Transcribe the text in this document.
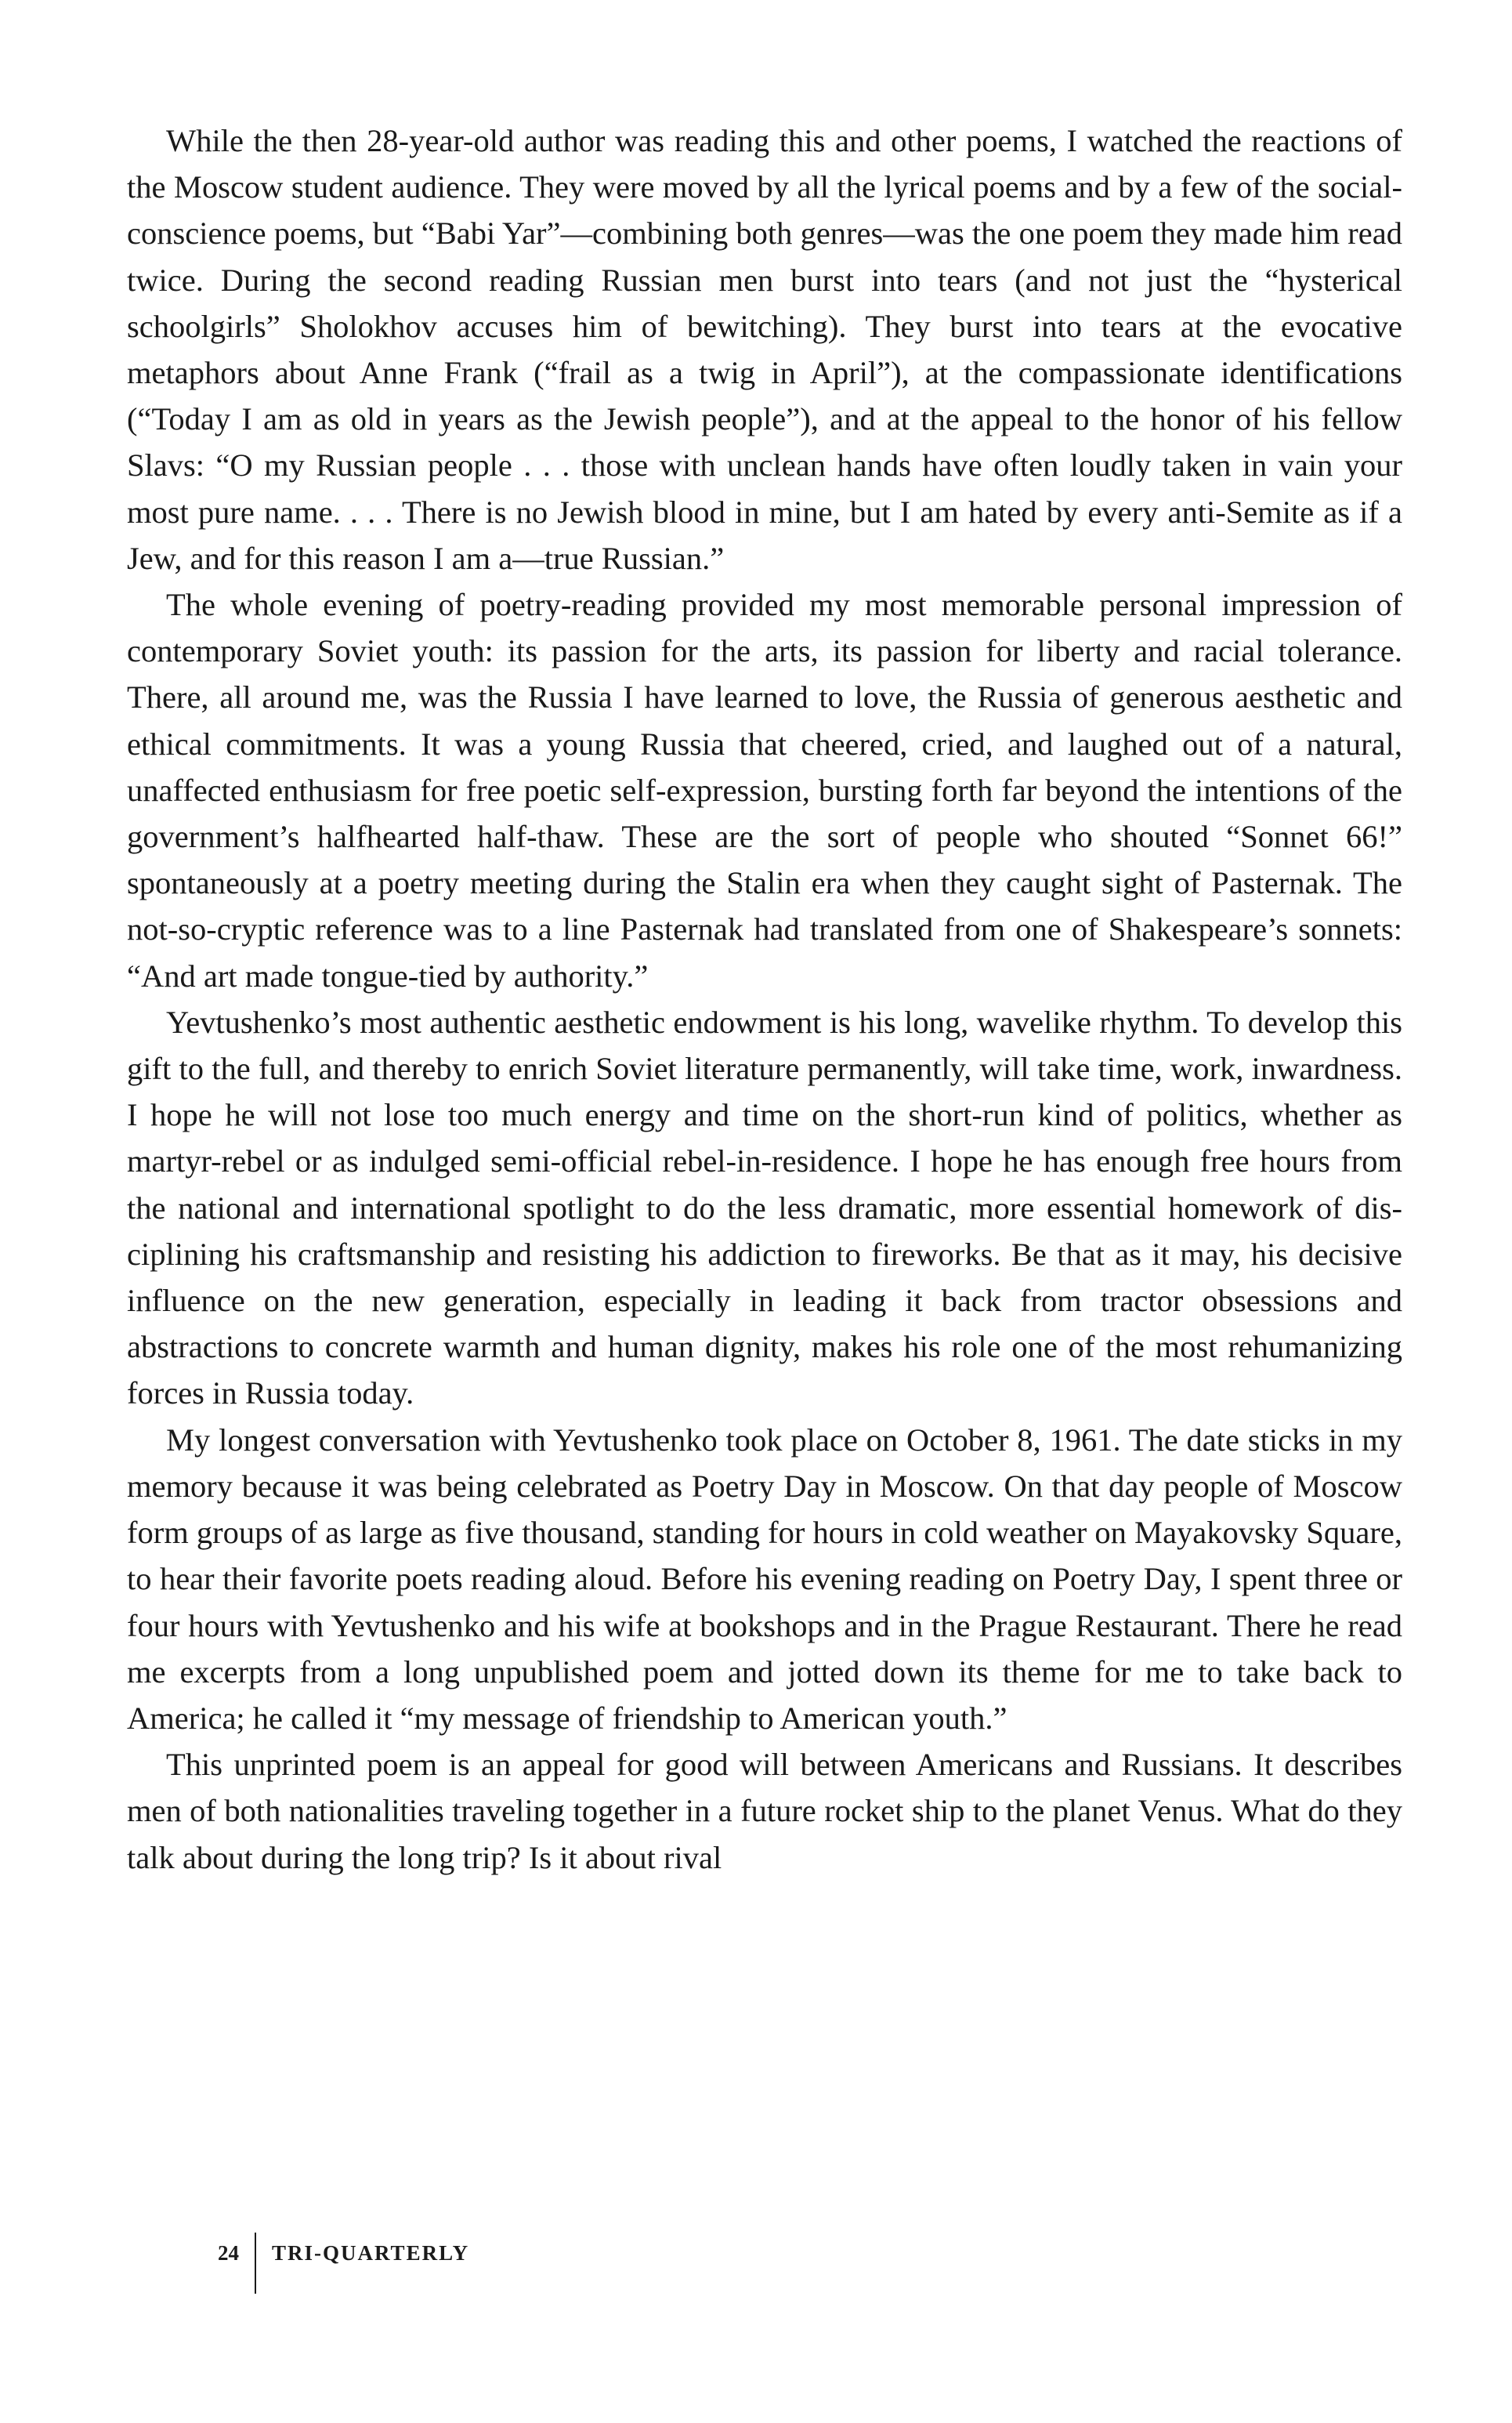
While the then 28-year-old author was reading this and other poems, I watched the reactions of the Moscow student audience. They were moved by all the lyrical poems and by a few of the social-conscience poems, but “Babi Yar”—combining both genres—was the one poem they made him read twice. During the second reading Russian men burst into tears (and not just the “hysterical schoolgirls” Sholokhov accuses him of bewitching). They burst into tears at the evocative metaphors about Anne Frank (“frail as a twig in April”), at the compassionate identifications (“Today I am as old in years as the Jewish people”), and at the appeal to the honor of his fellow Slavs: “O my Russian people . . . those with unclean hands have often loudly taken in vain your most pure name. . . . There is no Jewish blood in mine, but I am hated by every anti-Semite as if a Jew, and for this reason I am a—true Russian.”

The whole evening of poetry-reading provided my most memorable personal impression of contemporary Soviet youth: its passion for the arts, its passion for liberty and racial tolerance. There, all around me, was the Russia I have learned to love, the Russia of generous aesthetic and ethical commitments. It was a young Russia that cheered, cried, and laughed out of a natural, unaffected enthusiasm for free poetic self-expression, bursting forth far beyond the intentions of the government’s halfhearted half-thaw. These are the sort of people who shouted “Sonnet 66!” spontaneously at a poetry meeting during the Stalin era when they caught sight of Pasternak. The not-so-cryptic reference was to a line Pasternak had translated from one of Shakespeare’s sonnets: “And art made tongue-tied by authority.”

Yevtushenko’s most authentic aesthetic endowment is his long, wavelike rhythm. To develop this gift to the full, and thereby to enrich Soviet literature permanently, will take time, work, inwardness. I hope he will not lose too much energy and time on the short-run kind of politics, whether as martyr-rebel or as indulged semi-official rebel-in-residence. I hope he has enough free hours from the national and international spotlight to do the less dramatic, more essential homework of dis-ciplining his craftsmanship and resisting his addiction to fireworks. Be that as it may, his decisive influence on the new generation, especially in leading it back from tractor obsessions and abstractions to concrete warmth and human dignity, makes his role one of the most rehumanizing forces in Russia today.

My longest conversation with Yevtushenko took place on October 8, 1961. The date sticks in my memory because it was being celebrated as Poetry Day in Moscow. On that day people of Moscow form groups of as large as five thousand, standing for hours in cold weather on Mayakovsky Square, to hear their favorite poets reading aloud. Before his evening reading on Poetry Day, I spent three or four hours with Yevtushenko and his wife at bookshops and in the Prague Restaurant. There he read me excerpts from a long unpublished poem and jotted down its theme for me to take back to America; he called it “my message of friendship to American youth.”

This unprinted poem is an appeal for good will between Americans and Russians. It describes men of both nationalities traveling together in a future rocket ship to the planet Venus. What do they talk about during the long trip? Is it about rival

24	TRI-QUARTERLY
